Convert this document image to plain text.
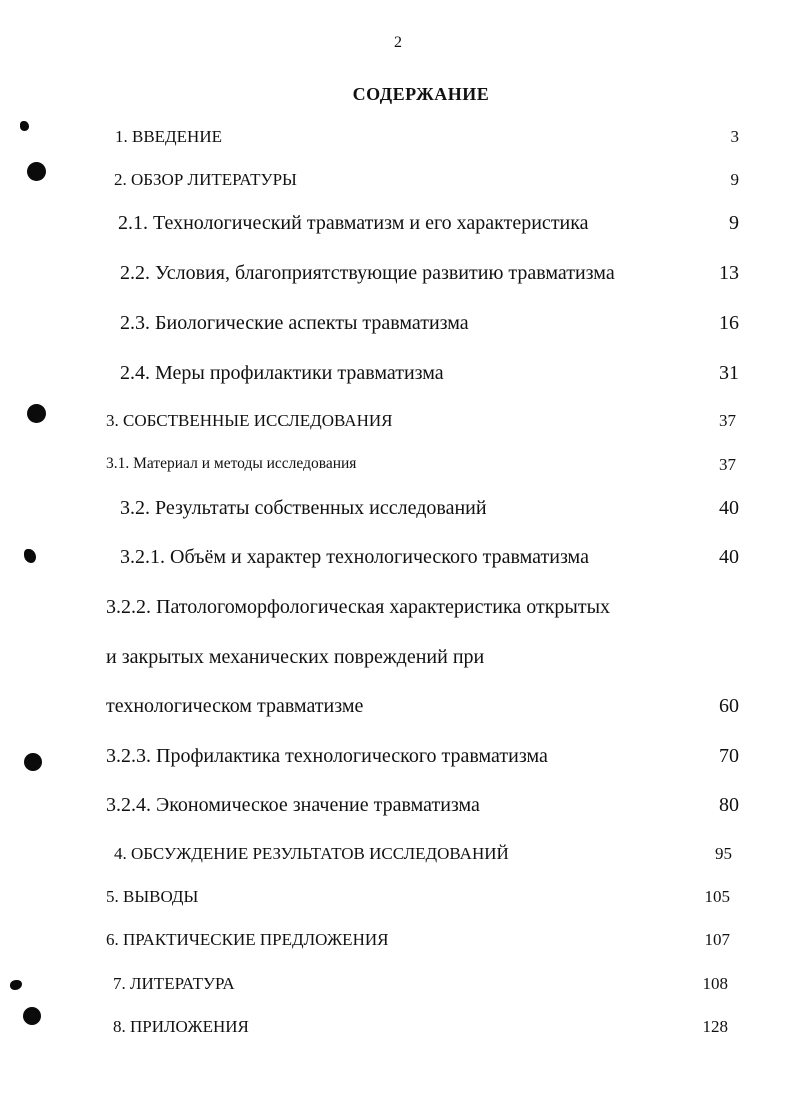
2
СОДЕРЖАНИЕ
1. ВВЕДЕНИЕ	3
2. ОБЗОР ЛИТЕРАТУРЫ	9
2.1. Технологический травматизм и его характеристика	9
2.2. Условия, благоприятствующие развитию травматизма	13
2.3. Биологические аспекты травматизма	16
2.4. Меры профилактики травматизма	31
3. СОБСТВЕННЫЕ ИССЛЕДОВАНИЯ	37
3.1. Материал и методы исследования	37
3.2. Результаты собственных исследований	40
3.2.1. Объём и характер технологического травматизма	40
3.2.2. Патологоморфологическая характеристика открытых
и закрытых механических повреждений при
технологическом травматизме	60
3.2.3. Профилактика технологического травматизма	70
3.2.4. Экономическое значение травматизма	80
4. ОБСУЖДЕНИЕ РЕЗУЛЬТАТОВ ИССЛЕДОВАНИЙ	95
5. ВЫВОДЫ	105
6. ПРАКТИЧЕСКИЕ ПРЕДЛОЖЕНИЯ	107
7. ЛИТЕРАТУРА	108
8. ПРИЛОЖЕНИЯ	128
